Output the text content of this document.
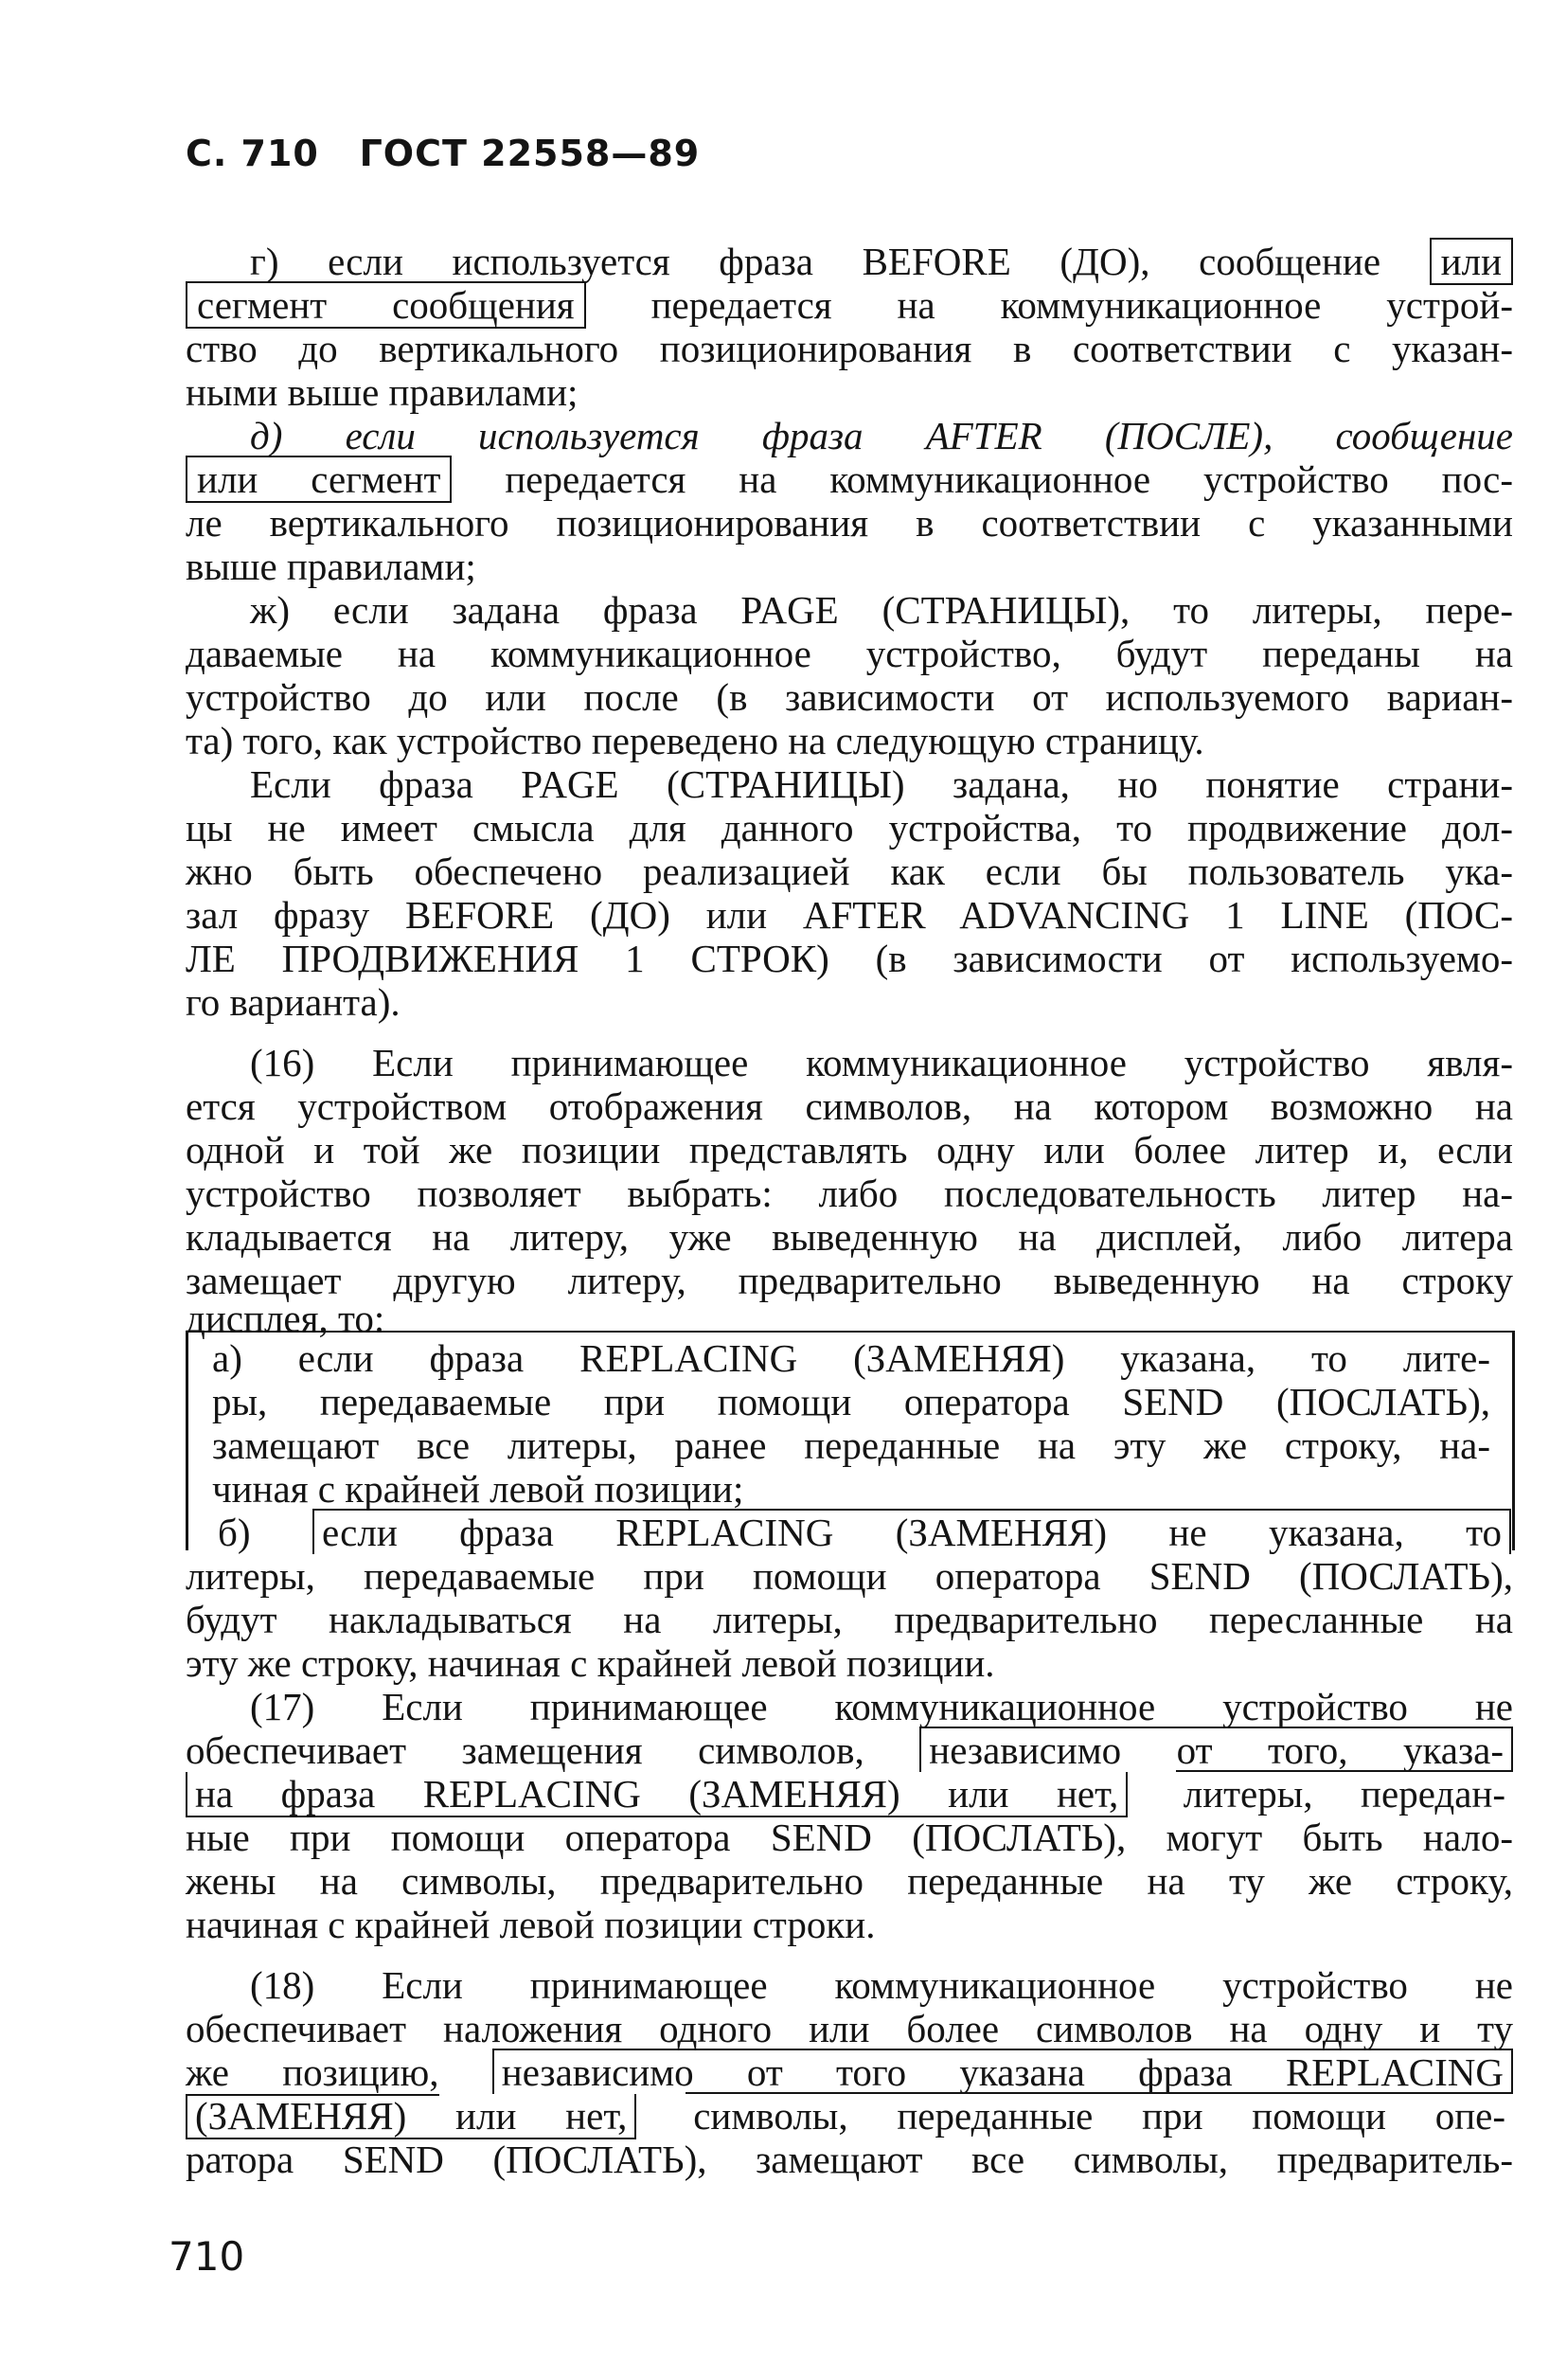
С. 710 ГОСТ 22558—89
г) если используется фраза BEFORE (ДО), сообщение или
сегмент сообщения передается на коммуникационное устрой-
ство до вертикального позиционирования в соответствии с указан-
ными выше правилами;
д) если используется фраза AFTER (ПОСЛЕ), сообщение
или сегмент передается на коммуникационное устройство пос-
ле вертикального позиционирования в соответствии с указанными
выше правилами;
ж) если задана фраза PAGE (СТРАНИЦЫ), то литеры, пере-
даваемые на коммуникационное устройство, будут переданы на
устройство до или после (в зависимости от используемого вариан-
та) того, как устройство переведено на следующую страницу.
Если фраза PAGE (СТРАНИЦЫ) задана, но понятие страни-
цы не имеет смысла для данного устройства, то продвижение дол-
жно быть обеспечено реализацией как если бы пользователь ука-
зал фразу BEFORE (ДО) или AFTER ADVANCING 1 LINE (ПОС-
ЛЕ ПРОДВИЖЕНИЯ 1 СТРОК) (в зависимости от используемо-
го варианта).
(16) Если принимающее коммуникационное устройство явля-
ется устройством отображения символов, на котором возможно на
одной и той же позиции представлять одну или более литер и, если
устройство позволяет выбрать: либо последовательность литер на-
кладывается на литеру, уже выведенную на дисплей, либо литера
замещает другую литеру, предварительно выведенную на строку
дисплея, то:
а) если фраза REPLACING (ЗАМЕНЯЯ) указана, то лите-
ры, передаваемые при помощи оператора SEND (ПОСЛАТЬ),
замещают все литеры, ранее переданные на эту же строку, на-
чиная с крайней левой позиции;
б) если фраза REPLACING (ЗАМЕНЯЯ) не указана, то
литеры, передаваемые при помощи оператора SEND (ПОСЛАТЬ),
будут накладываться на литеры, предварительно пересланные на
эту же строку, начиная с крайней левой позиции.
(17) Если принимающее коммуникационное устройство не
обеспечивает замещения символов, независимо от того, указа-
на фраза REPLACING (ЗАМЕНЯЯ) или нет, литеры, передан-
ные при помощи оператора SEND (ПОСЛАТЬ), могут быть нало-
жены на символы, предварительно переданные на ту же строку,
начиная с крайней левой позиции строки.
(18) Если принимающее коммуникационное устройство не
обеспечивает наложения одного или более символов на одну и ту
же позицию, независимо от того указана фраза REPLACING
(ЗАМЕНЯЯ) или нет, символы, переданные при помощи опе-
ратора SEND (ПОСЛАТЬ), замещают все символы, предваритель-
710
